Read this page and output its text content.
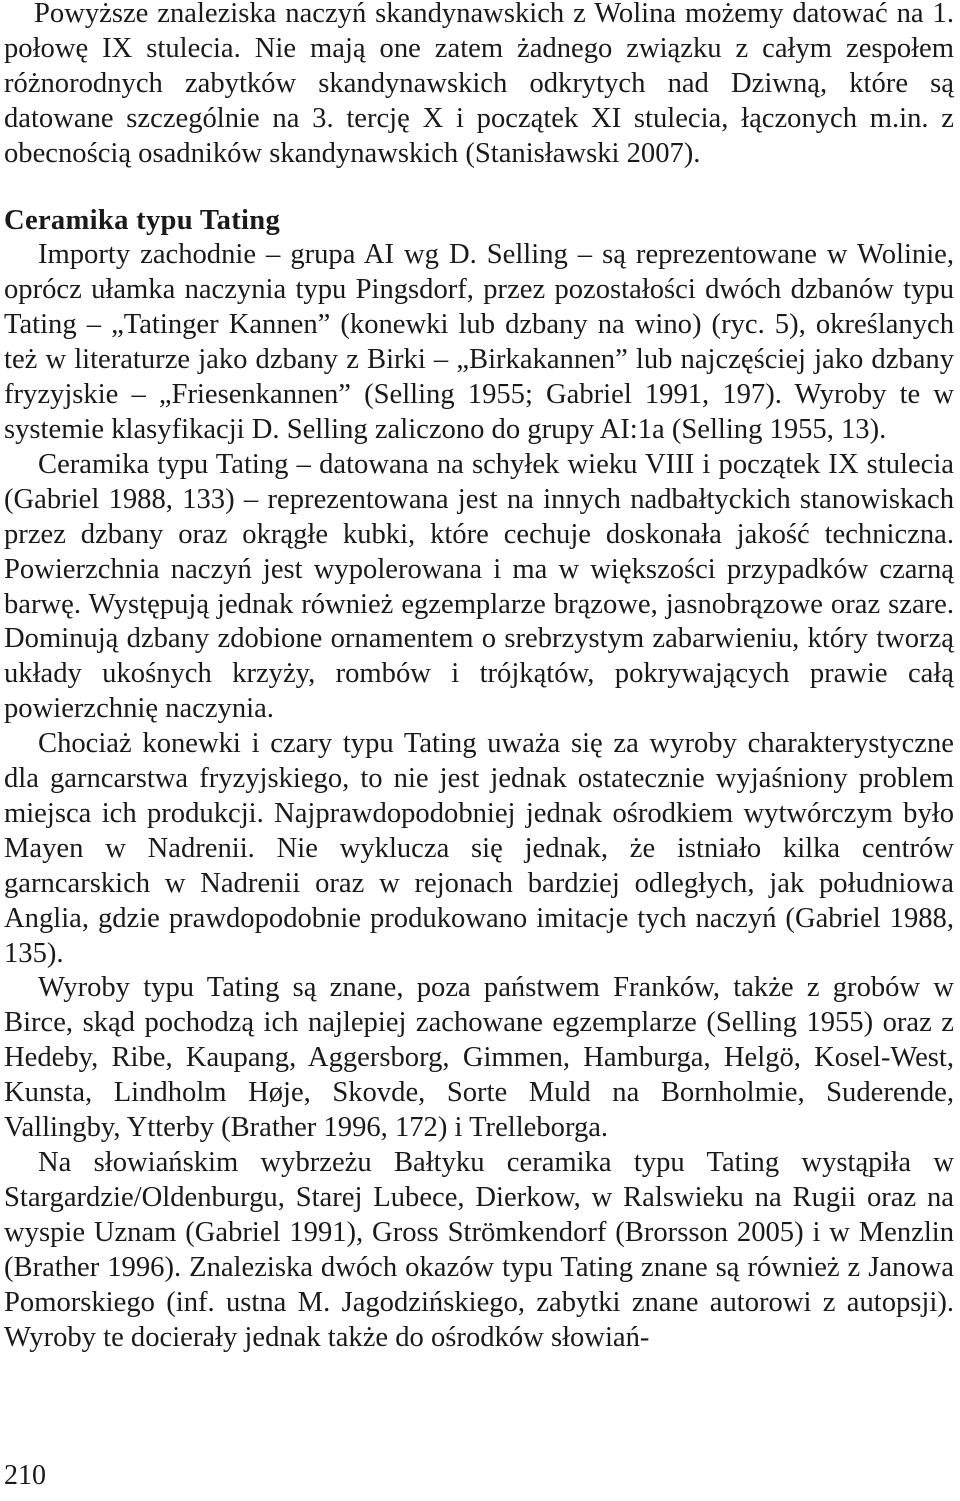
Powyższe znaleziska naczyń skandynawskich z Wolina możemy datować na 1. połowę IX stulecia. Nie mają one zatem żadnego związku z całym zespołem różnorodnych zabytków skandynawskich odkrytych nad Dziwną, które są datowane szczególnie na 3. tercję X i początek XI stulecia, łączonych m.in. z obecnością osadników skandynawskich (Stanisławski 2007).

Ceramika typu Tating

Importy zachodnie – grupa AI wg D. Selling – są reprezentowane w Wolinie, oprócz ułamka naczynia typu Pingsdorf, przez pozostałości dwóch dzbanów typu Tating – „Tatinger Kannen” (konewki lub dzbany na wino) (ryc. 5), określanych też w literaturze jako dzbany z Birki – „Birkakannen” lub najczęściej jako dzbany fryzyjskie – „Friesenkannen” (Selling 1955; Gabriel 1991, 197). Wyroby te w systemie klasyfikacji D. Selling zaliczono do grupy AI:1a (Selling 1955, 13).

Ceramika typu Tating – datowana na schyłek wieku VIII i początek IX stulecia (Gabriel 1988, 133) – reprezentowana jest na innych nadbałtyckich stanowiskach przez dzbany oraz okrągłe kubki, które cechuje doskonała jakość techniczna. Powierzchnia naczyń jest wypolerowana i ma w większości przypadków czarną barwę. Występują jednak również egzemplarze brązowe, jasnobrązowe oraz szare. Dominują dzbany zdobione ornamentem o srebrzystym zabarwieniu, który tworzą układy ukośnych krzyży, rombów i trójkątów, pokrywających prawie całą powierzchnię naczynia.

Chociaż konewki i czary typu Tating uważa się za wyroby charakterystyczne dla garncarstwa fryzyjskiego, to nie jest jednak ostatecznie wyjaśniony problem miejsca ich produkcji. Najprawdopodobniej jednak ośrodkiem wytwórczym było Mayen w Nadrenii. Nie wyklucza się jednak, że istniało kilka centrów garncarskich w Nadrenii oraz w rejonach bardziej odległych, jak południowa Anglia, gdzie prawdopodobnie produkowano imitacje tych naczyń (Gabriel 1988, 135).

Wyroby typu Tating są znane, poza państwem Franków, także z grobów w Birce, skąd pochodzą ich najlepiej zachowane egzemplarze (Selling 1955) oraz z Hedeby, Ribe, Kaupang, Aggersborg, Gimmen, Hamburga, Helgö, Kosel-West, Kunsta, Lindholm Høje, Skovde, Sorte Muld na Bornholmie, Suderende, Vallingby, Ytterby (Brather 1996, 172) i Trelleborga.

Na słowiańskim wybrzeżu Bałtyku ceramika typu Tating wystąpiła w Stargardzie/Oldenburgu, Starej Lubece, Dierkow, w Ralswieku na Rugii oraz na wyspie Uznam (Gabriel 1991), Gross Strömkendorf (Brorsson 2005) i w Menzlin (Brather 1996). Znaleziska dwóch okazów typu Tating znane są również z Janowa Pomorskiego (inf. ustna M. Jagodzińskiego, zabytki znane autorowi z autopsji). Wyroby te docierały jednak także do ośrodków słowiań-

210
